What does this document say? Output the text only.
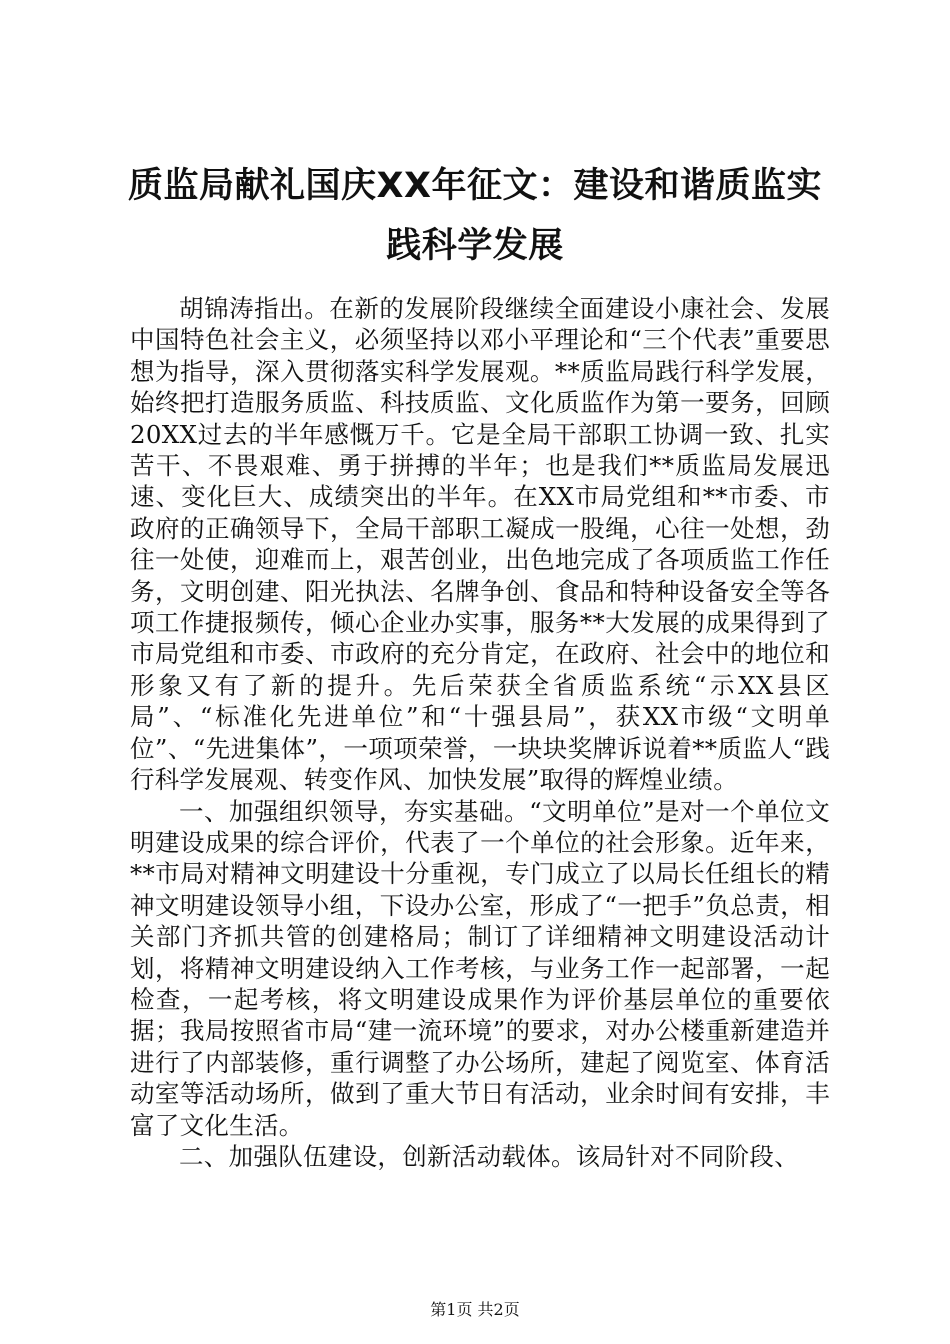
质监局献礼国庆XX年征文：建设和谐质监实践科学发展

胡锦涛指出。在新的发展阶段继续全面建设小康社会、发展中国特色社会主义，必须坚持以邓小平理论和“三个代表”重要思想为指导，深入贯彻落实科学发展观。**质监局践行科学发展，始终把打造服务质监、科技质监、文化质监作为第一要务，回顾20XX过去的半年感慨万千。它是全局干部职工协调一致、扎实苦干、不畏艰难、勇于拼搏的半年；也是我们**质监局发展迅速、变化巨大、成绩突出的半年。在XX市局党组和**市委、市政府的正确领导下，全局干部职工凝成一股绳，心往一处想，劲往一处使，迎难而上，艰苦创业，出色地完成了各项质监工作任务，文明创建、阳光执法、名牌争创、食品和特种设备安全等各项工作捷报频传，倾心企业办实事，服务**大发展的成果得到了市局党组和市委、市政府的充分肯定，在政府、社会中的地位和形象又有了新的提升。先后荣获全省质监系统“示XX县区局”、“标准化先进单位”和“十强县局”，获XX市级“文明单位”、“先进集体”，一项项荣誉，一块块奖牌诉说着**质监人“践行科学发展观、转变作风、加快发展”取得的辉煌业绩。

一、加强组织领导，夯实基础。“文明单位”是对一个单位文明建设成果的综合评价，代表了一个单位的社会形象。近年来，**市局对精神文明建设十分重视，专门成立了以局长任组长的精神文明建设领导小组，下设办公室，形成了“一把手”负总责，相关部门齐抓共管的创建格局；制订了详细精神文明建设活动计划，将精神文明建设纳入工作考核，与业务工作一起部署，一起检查，一起考核，将文明建设成果作为评价基层单位的重要依据；我局按照省市局“建一流环境”的要求，对办公楼重新建造并进行了内部装修，重行调整了办公场所，建起了阅览室、体育活动室等活动场所，做到了重大节日有活动，业余时间有安排，丰富了文化生活。

二、加强队伍建设，创新活动载体。该局针对不同阶段、

第1页 共2页
